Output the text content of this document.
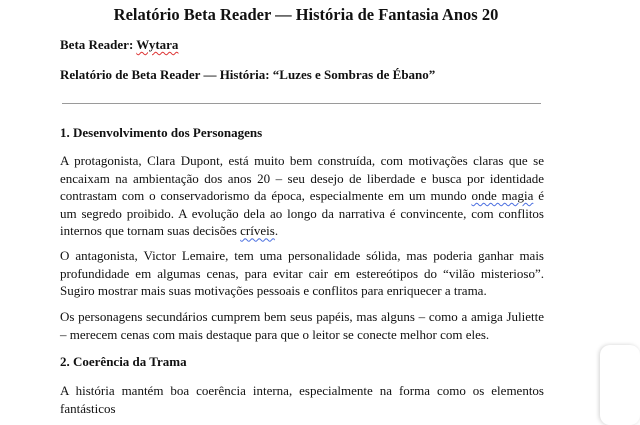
Relatório Beta Reader — História de Fantasia Anos 20
Beta Reader: Wytara
Relatório de Beta Reader — História: “Luzes e Sombras de Ébano”
1. Desenvolvimento dos Personagens

A protagonista, Clara Dupont, está muito bem construída, com motivações claras que se encaixam na ambientação dos anos 20 – seu desejo de liberdade e busca por identidade contrastam com o conservadorismo da época, especialmente em um mundo onde magia é um segredo proibido. A evolução dela ao longo da narrativa é convincente, com conflitos internos que tornam suas decisões críveis.

O antagonista, Victor Lemaire, tem uma personalidade sólida, mas poderia ganhar mais profundidade em algumas cenas, para evitar cair em estereótipos do “vilão misterioso”. Sugiro mostrar mais suas motivações pessoais e conflitos para enriquecer a trama.

Os personagens secundários cumprem bem seus papéis, mas alguns – como a amiga Juliette – merecem cenas com mais destaque para que o leitor se conecte melhor com eles.

2. Coerência da Trama

A história mantém boa coerência interna, especialmente na forma como os elementos fantásticos
